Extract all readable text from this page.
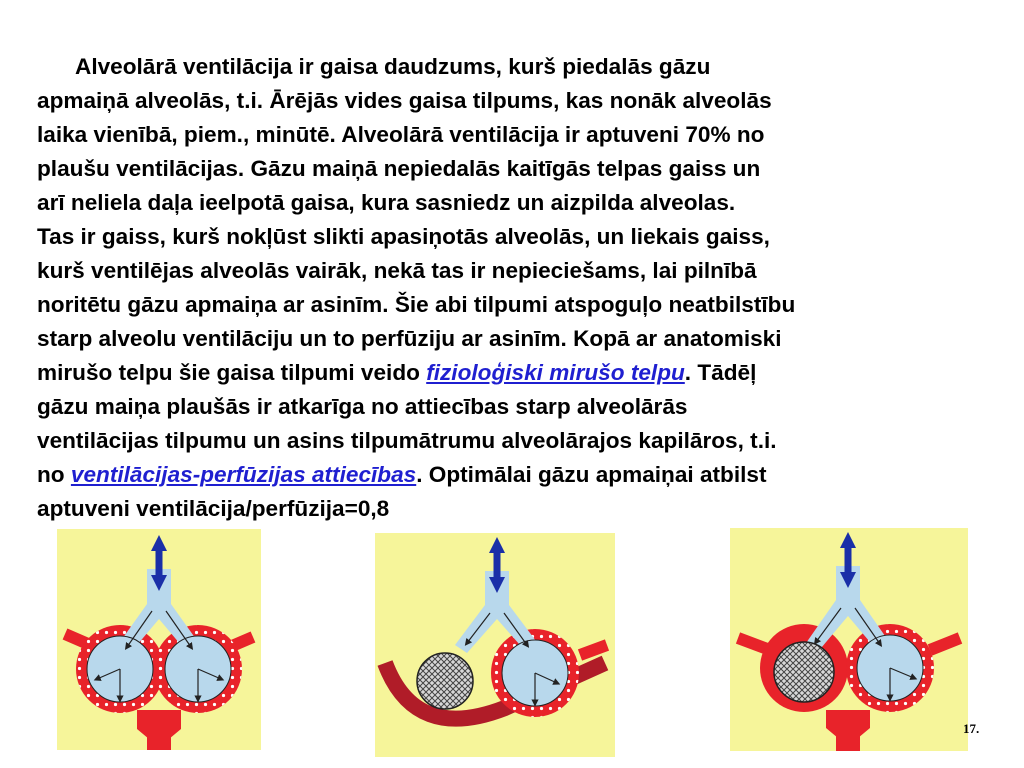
Alveolārā ventilācija ir gaisa daudzums, kurš piedalās gāzu
apmaiņā alveolās, t.i. Ārējās vides gaisa tilpums, kas nonāk alveolās
laika vienībā, piem., minūtē. Alveolārā ventilācija ir aptuveni 70% no
plaušu ventilācijas. Gāzu maiņā nepiedalās kaitīgās telpas gaiss un
arī neliela daļa ieelpotā gaisa, kura sasniedz un aizpilda alveolas.
Tas ir gaiss, kurš nokļūst slikti apasiņotās alveolās, un liekais gaiss,
kurš ventilējas alveolās vairāk, nekā tas ir nepieciešams, lai pilnībā
noritētu gāzu apmaiņa ar asinīm. Šie abi tilpumi atspoguļo neatbilstību
starp alveolu ventilāciju un to perfūziju ar asinīm. Kopā ar anatomiski
mirušo telpu šie gaisa tilpumi veido fizioloģiski mirušo telpu. Tādēļ
gāzu maiņa plaušās ir atkarīga no attiecības starp alveolārās
ventilācijas tilpumu un asins tilpumātrumu alveolārajos kapilāros, t.i.
no ventilācijas-perfūzijas attiecības. Optimālai gāzu apmaiņai atbilst
aptuveni ventilācija/perfūzija=0,8
17.
